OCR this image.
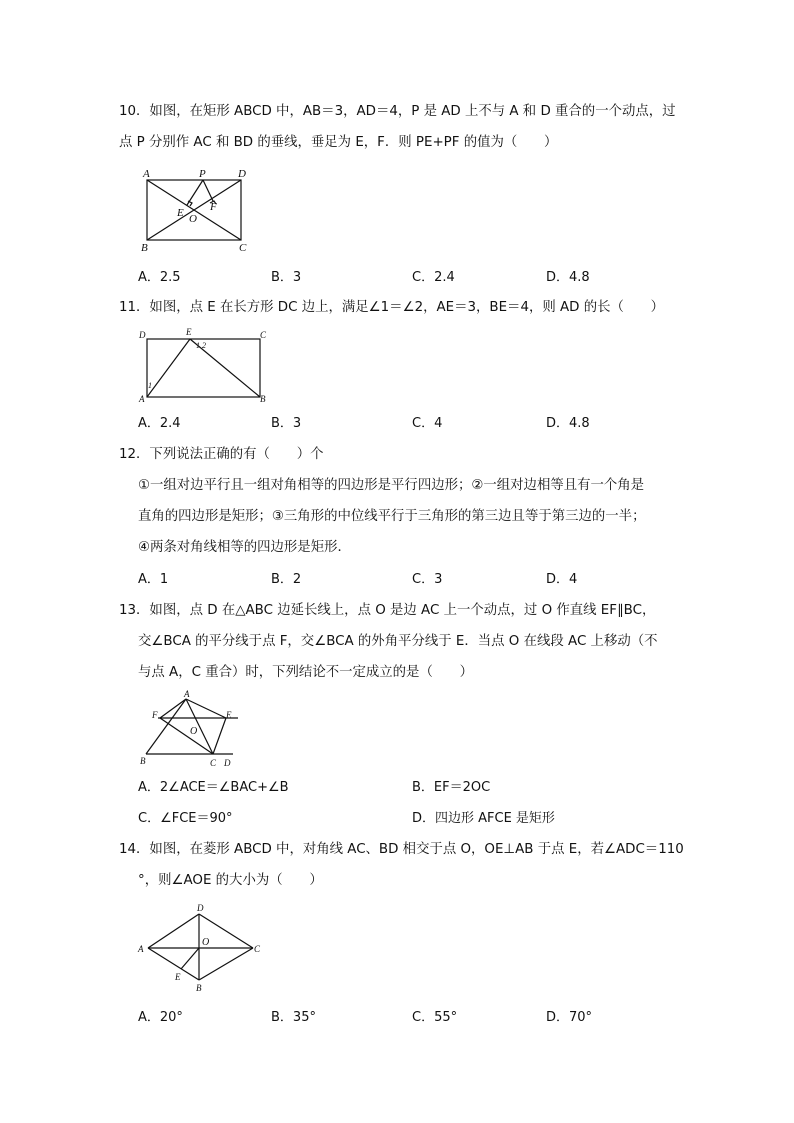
10．如图，在矩形 ABCD 中，AB＝3，AD＝4，P 是 AD 上不与 A 和 D 重合的一个动点，过
点 P 分别作 AC 和 BD 的垂线，垂足为 E，F．则 PE+PF 的值为（　　）
A	P	D
E F
O
B	C
A．2.5	B．3	C．2.4	D．4.8
11．如图，点 E 在长方形 DC 边上，满足∠1＝∠2，AE＝3，BE＝4，则 AD 的长（　　）
D	E	C
A	B
1
1 2
A．2.4	B．3	C．4	D．4.8
12．下列说法正确的有（　　）个
①一组对边平行且一组对角相等的四边形是平行四边形；②一组对边相等且有一个角是
直角的四边形是矩形；③三角形的中位线平行于三角形的第三边且等于第三边的一半；
④两条对角线相等的四边形是矩形．
A．1	B．2	C．3	D．4
13．如图，点 D 在△ABC 边延长线上，点 O 是边 AC 上一个动点，过 O 作直线 EF∥BC，
交∠BCA 的平分线于点 F，交∠BCA 的外角平分线于 E．当点 O 在线段 AC 上移动（不
与点 A，C 重合）时，下列结论不一定成立的是（　　）
A
F	E
O
B	C D
A．2∠ACE＝∠BAC+∠B	B．EF＝2OC
C．∠FCE＝90°	D．四边形 AFCE 是矩形
14．如图，在菱形 ABCD 中，对角线 AC、BD 相交于点 O，OE⊥AB 于点 E，若∠ADC＝110
°，则∠AOE 的大小为（　　）
D
A
O
C
E
B
A．20°	B．35°	C．55°	D．70°
